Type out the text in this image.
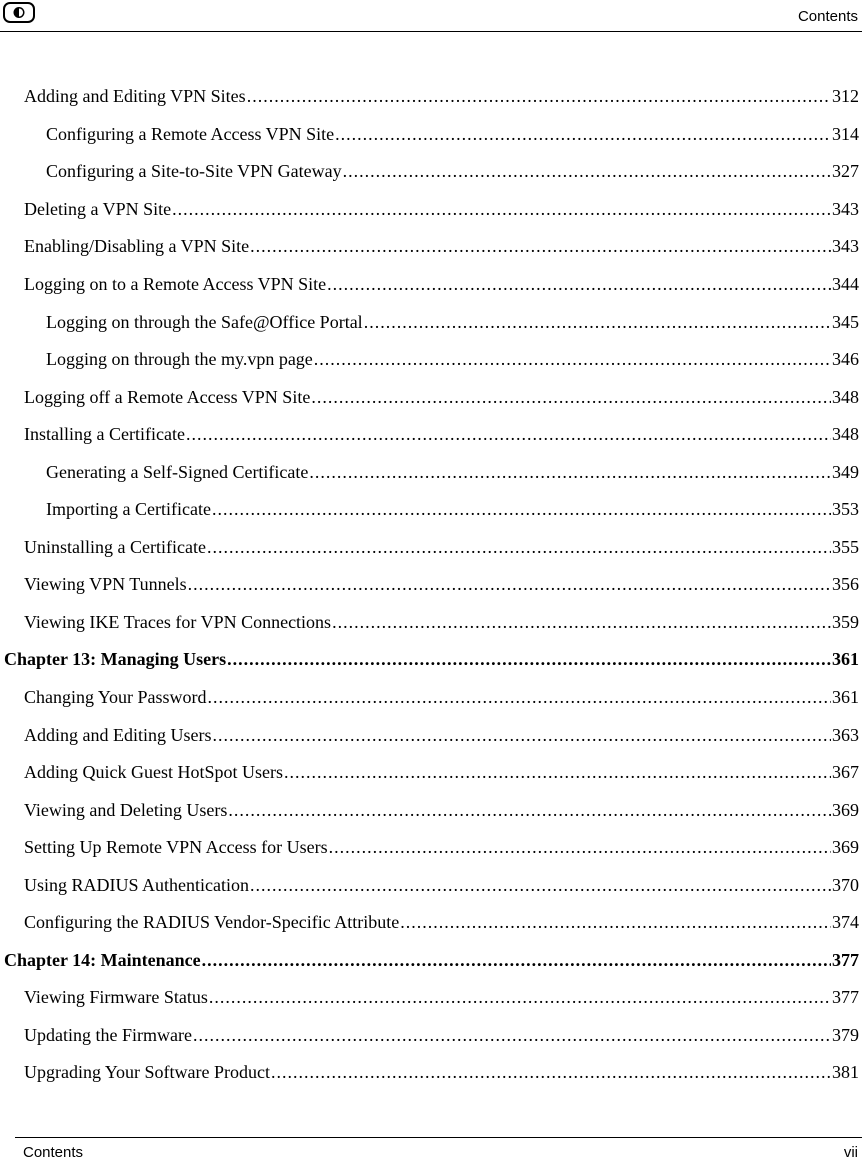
Contents
Adding and Editing VPN Sites .....	312
Configuring a Remote Access VPN Site .....	314
Configuring a Site-to-Site VPN Gateway .....	327
Deleting a VPN Site .....	343
Enabling/Disabling a VPN Site .....	343
Logging on to a Remote Access VPN Site .....	344
Logging on through the Safe@Office Portal .....	345
Logging on through the my.vpn page .....	346
Logging off a Remote Access VPN Site .....	348
Installing a Certificate .....	348
Generating a Self-Signed Certificate .....	349
Importing a Certificate .....	353
Uninstalling a Certificate .....	355
Viewing VPN Tunnels .....	356
Viewing IKE Traces for VPN Connections .....	359
Chapter 13: Managing Users .....	361
Changing Your Password .....	361
Adding and Editing Users .....	363
Adding Quick Guest HotSpot Users .....	367
Viewing and Deleting Users .....	369
Setting Up Remote VPN Access for Users .....	369
Using RADIUS Authentication .....	370
Configuring the RADIUS Vendor-Specific Attribute .....	374
Chapter 14: Maintenance .....	377
Viewing Firmware Status .....	377
Updating the Firmware .....	379
Upgrading Your Software Product .....	381
Contents	vii
